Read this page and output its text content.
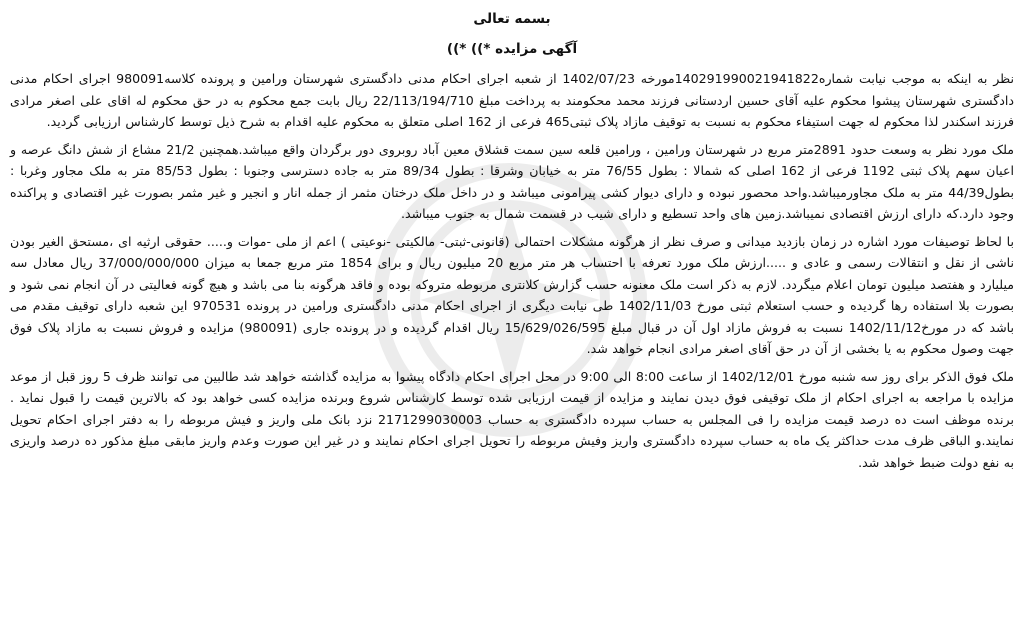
بسمه تعالی

آگهی مزایده *)) *))

نظر به اینکه به موجب نیابت شماره140291990021941822مورخه 1402/07/23 از شعبه اجرای احکام مدنی دادگستری شهرستان ورامین و پرونده کلاسه980091 اجرای احکام مدنی دادگستری شهرستان پیشوا محکوم علیه آقای حسین اردستانی فرزند محمد محکومند به پرداخت مبلغ 22/113/194/710 ریال بابت جمع محکوم به در حق محکوم له اقای علی اصغر مرادی فرزند اسکندر لذا محکوم له جهت استیفاء محکوم به نسبت به توقیف مازاد پلاک ثبتی465 فرعی از 162 اصلی متعلق به محکوم علیه اقدام به شرح ذیل توسط کارشناس ارزیابی گردید.

ملک مورد نظر به وسعت حدود 2891متر مربع در شهرستان ورامین ، ورامین قلعه سین سمت قشلاق معین آباد روبروی دور برگردان واقع میباشد.همچنین 21/2 مشاع از شش دانگ عرصه و اعیان سهم پلاک ثبتی 1192 فرعی از 162 اصلی که شمالا : بطول 76/55 متر به خیابان وشرقا : بطول 89/34 متر به جاده دسترسی وجنوبا : بطول 85/53 متر به ملک مجاور وغربا : بطول44/39 متر به ملک مجاورمیباشد.واحد محصور نبوده و دارای دیوار کشی پیرامونی میباشد و در داخل ملک درختان مثمر از جمله انار و انجیر و غیر مثمر بصورت غیر اقتصادی و پراکنده وجود دارد.که دارای ارزش اقتصادی نمیباشد.زمین های واحد تسطیع و دارای شیب در قسمت شمال به جنوب میباشد.

با لحاظ توصیفات مورد اشاره در زمان بازدید میدانی و صرف نظر از هرگونه مشکلات احتمالی (قانونی-ثبتی- مالکیتی -نوعیتی ) اعم از ملی -موات و..... حقوقی ارثیه ای ،مستحق الغیر بودن ناشی از نقل و انتقالات رسمی و عادی و .....ارزش ملک مورد تعرفه با احتساب هر متر مربع 20 میلیون ریال و برای 1854 متر مربع جمعا به میزان 37/000/000/000 ریال معادل سه میلیارد و هفتصد میلیون تومان اعلام میگردد. لازم به ذکر است ملک معنونه حسب گزارش کلانتری مربوطه متروکه بوده و فاقد هرگونه بنا می باشد و هیچ گونه فعالیتی در آن انجام نمی شود و بصورت بلا استفاده رها گردیده و حسب استعلام ثبتی مورخ 1402/11/03 طی نیابت دیگری از اجرای احکام مدنی دادگستری ورامین در پرونده 970531 این شعبه دارای توقیف مقدم می باشد که در مورخ1402/11/12 نسبت به فروش مازاد اول آن در قبال مبلغ 15/629/026/595 ریال اقدام گردیده و در پرونده جاری (980091) مزایده و فروش نسبت به مازاد پلاک فوق جهت وصول محکوم به یا بخشی از آن در حق آقای اصغر مرادی انجام خواهد شد.

ملک فوق الذکر برای روز سه شنبه مورخ 1402/12/01 از ساعت 8:00 الی 9:00 در محل اجرای احکام دادگاه پیشوا به مزایده گذاشته خواهد شد طالبین می توانند ظرف 5 روز قبل از موعد مزایده با مراجعه به اجرای احکام از ملک توقیفی فوق دیدن نمایند و مزایده از قیمت ارزیابی شده توسط کارشناس شروع وبرنده مزایده کسی خواهد بود که بالاترین قیمت را قبول نماید . برنده موظف است ده درصد قیمت مزایده را فی المجلس به حساب سپرده دادگستری به حساب 2171299030003 نزد بانک ملی واریز و فیش مربوطه را به دفتر اجرای احکام تحویل نمایند.و الباقی ظرف مدت حداکثر یک ماه به حساب سپرده دادگستری واریز وفیش مربوطه را تحویل اجرای احکام نمایند و در غیر این صورت وعدم واریز مابقی مبلغ مذکور ده درصد واریزی به نفع دولت ضبط خواهد شد.
